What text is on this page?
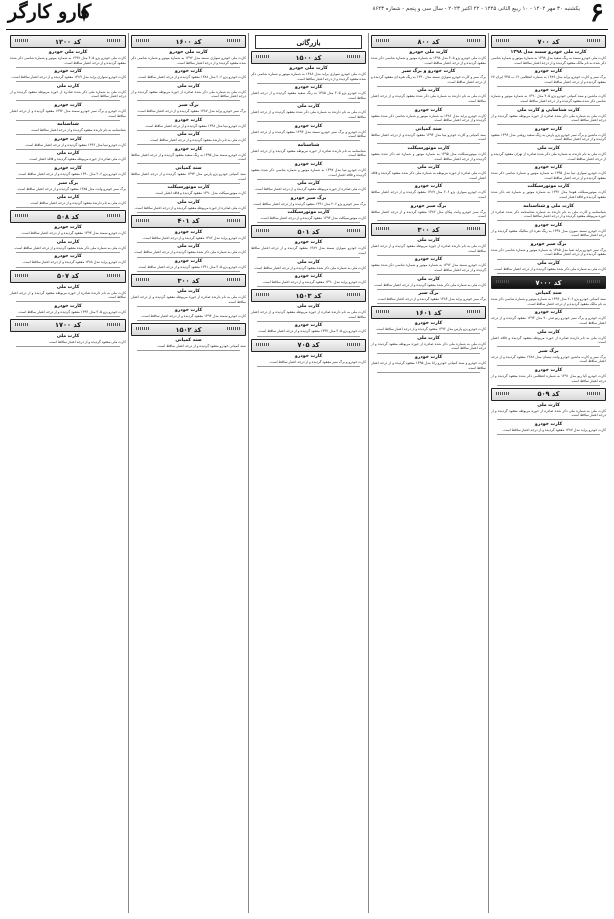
۶
یکشنبه ۳۰ مهر ۱۴۰۲ - ۱۰ ربیع الثانی ۱۴۴۵ - ۲۲ اکتبر ۲۰۲۳ - سال سی و پنجم - شماره ۸۶۴۳
کارو کارگر
کد ۷۰۰

کارت ملی خودرو سمند مدل ۱۳۹۸

کارت ملی خودرو سمند به رنگ سفید مدل ۱۳۹۸ به شماره موتور و شماره شاسی ذکر شده به نام مالک مفقود گردیده و از درجه اعتبار ساقط است.

کارت خودرو

برگ سبز و کارت خودرو پراید مدل ۱۳۸۹ به شماره انتظامی ۱۲ ب ۳۴۵ ایران ۶۷ مفقود گردیده و از درجه اعتبار ساقط است.

کارت خودرو

کارت ماشین و سند کمپانی خودرو پژو ۴۰۵ مدل ۱۳۹۰ به شماره موتور و شماره شاسی ذکر شده مفقود گردیده و از درجه اعتبار ساقط است.

کارت شناسایی و کارت ملی

کارت ملی به شماره ملی ذکر شده صادره از حوزه مربوطه مفقود گردیده و از درجه اعتبار ساقط است.

کارت خودرو

کارت ماشین و برگ سبز خودرو پژو پارس به رنگ سفید روغنی مدل ۱۳۹۶ مفقود گردیده و از درجه اعتبار ساقط است.

کارت ملی

کارت ملی به نام دارنده به شماره ملی ذکر شده صادره از تهران مفقود گردیده و از درجه اعتبار ساقط است.

کارت خودرو

کارت خودرو سواری تیبا مدل ۱۳۹۵ به شماره موتور و شماره شاسی ذکر شده مفقود گردیده و از درجه اعتبار ساقط است.

کارت موتورسیکلت

کارت موتورسیکلت هوندا مدل ۱۳۹۲ به شماره موتور و شماره تنه ذکر شده مفقود گردیده و فاقد اعتبار است.

کارت ملی و شناسنامه

شناسنامه و کارت ملی به نام دارنده به شماره شناسنامه ذکر شده صادره از حوزه مربوطه مفقود گردیده و از درجه اعتبار ساقط است.

کارت خودرو

کارت خودرو سمند سورن مدل ۱۳۹۷ به رنگ نقره ای متالیک مفقود گردیده و از درجه اعتبار ساقط است.

برگ سبز خودرو

برگ سبز خودرو پراید صبا مدل ۱۳۸۵ به شماره موتور و شماره شاسی ذکر شده مفقود گردیده و از درجه اعتبار ساقط است.

کارت ملی

کارت ملی به شماره ملی ذکر شده مفقود گردیده و از درجه اعتبار ساقط است.

کد ۷۰۰۰

سند کمپانی

سند کمپانی خودرو پژو ۲۰۶ مدل ۱۳۹۴ به شماره موتور و شماره شاسی ذکر شده به نام مالک مفقود گردیده و از درجه اعتبار ساقط است.

کارت خودرو

کارت خودرو و برگ سبز خودرو رنو تندر ۹۰ مدل ۱۳۹۳ مفقود گردیده و از درجه اعتبار ساقط است.

کارت ملی

کارت ملی به نام دارنده صادره از حوزه مربوطه مفقود گردیده و فاقد اعتبار است.

برگ سبز

برگ سبز و کارت ماشین خودرو وانت نیسان مدل ۱۳۸۸ مفقود گردیده و از درجه اعتبار ساقط است.

کارت خودرو

کارت خودرو کیا ریو مدل ۱۳۹۱ به شماره انتظامی ذکر شده مفقود گردیده و از درجه اعتبار ساقط است.

کد ۵۰۹

کارت ملی

کارت ملی به شماره ملی ذکر شده صادره از حوزه مربوطه مفقود گردیده و از درجه اعتبار ساقط است.

کارت خودرو

کارت خودرو پراید مدل ۱۳۸۷ مفقود گردیده و از درجه اعتبار ساقط است.

کد ۸۰۰

کارت ملی خودرو

کارت ملی خودرو پژو ۴۰۵ مدل ۱۳۹۸ به شماره موتور و شماره شاسی ذکر شده مفقود گردیده و از درجه اعتبار ساقط است.

کارت خودرو و برگ سبز

برگ سبز و کارت خودرو سواری سمند مدل ۱۳۹۰ به رنگ نقره ای مفقود گردیده و از درجه اعتبار ساقط است.

کارت ملی

کارت ملی به نام دارنده به شماره ملی ذکر شده مفقود گردیده و از درجه اعتبار ساقط است.

کارت خودرو

کارت خودرو پراید مدل ۱۳۸۶ به شماره موتور و شماره شاسی ذکر شده مفقود گردیده و از درجه اعتبار ساقط است.

سند کمپانی

سند کمپانی و کارت خودرو تیبا مدل ۱۳۹۴ مفقود گردیده و از درجه اعتبار ساقط است.

کارت موتورسیکلت

کارت موتورسیکلت مدل ۱۳۹۵ به شماره موتور و شماره تنه ذکر شده مفقود گردیده و از درجه اعتبار ساقط است.

کارت ملی

کارت ملی صادره از حوزه مربوطه به شماره ملی ذکر شده مفقود گردیده و فاقد اعتبار است.

کارت خودرو

کارت خودرو سواری پژو ۲۰۶ مدل ۱۳۸۹ مفقود گردیده و از درجه اعتبار ساقط است.

برگ سبز خودرو

برگ سبز خودرو وانت پیکان مدل ۱۳۸۲ مفقود گردیده و از درجه اعتبار ساقط است.

کد ۳۰۰

کارت ملی

کارت ملی به نام دارنده صادره از حوزه مربوطه مفقود گردیده و از درجه اعتبار ساقط است.

کارت خودرو

کارت خودرو سمند مدل ۱۳۹۶ به شماره موتور و شماره شاسی ذکر شده مفقود گردیده و از درجه اعتبار ساقط است.

کارت ملی

کارت ملی به شماره ملی ذکر شده مفقود گردیده و از درجه اعتبار ساقط است.

برگ سبز

برگ سبز خودرو پراید مدل ۱۳۸۴ مفقود گردیده و از درجه اعتبار ساقط است.

کد ۱۶۰۱

کارت خودرو

کارت خودرو پژو پارس مدل ۱۳۹۲ مفقود گردیده و از درجه اعتبار ساقط است.

کارت ملی

کارت ملی به شماره ملی ذکر شده صادره از حوزه مربوطه مفقود گردیده و از درجه اعتبار ساقط است.

کارت خودرو

کارت خودرو و سند کمپانی خودرو رانا مدل ۱۳۹۵ مفقود گردیده و از درجه اعتبار ساقط است.

بازرگانی
کد ۱۵۰۰

کارت ملی خودرو

کارت ملی خودرو سواری پراید مدل ۱۳۸۸ به شماره موتور و شماره شاسی ذکر شده مفقود گردیده و از درجه اعتبار ساقط است.

کارت خودرو

کارت خودرو پژو ۴۰۵ مدل ۱۳۸۵ به رنگ سفید مفقود گردیده و از درجه اعتبار ساقط است.

کارت ملی

کارت ملی به نام دارنده به شماره ملی ذکر شده مفقود گردیده و از درجه اعتبار ساقط است.

کارت خودرو

کارت خودرو و برگ سبز خودرو سمند مدل ۱۳۹۳ مفقود گردیده و از درجه اعتبار ساقط است.

شناسنامه

شناسنامه به نام دارنده صادره از حوزه مربوطه مفقود گردیده و از درجه اعتبار ساقط است.

کارت خودرو

کارت خودرو تیبا مدل ۱۳۹۷ به شماره موتور و شماره شاسی ذکر شده مفقود گردیده و فاقد اعتبار است.

کارت ملی

کارت ملی صادره از حوزه مربوطه مفقود گردیده و از درجه اعتبار ساقط است.

برگ سبز خودرو

برگ سبز خودرو پژو ۲۰۶ مدل ۱۳۹۱ مفقود گردیده و از درجه اعتبار ساقط است.

کارت موتورسیکلت

کارت موتورسیکلت مدل ۱۳۹۴ مفقود گردیده و از درجه اعتبار ساقط است.

کد ۵۰۱

کارت خودرو

کارت خودرو سواری سمند مدل ۱۳۸۹ مفقود گردیده و از درجه اعتبار ساقط است.

کارت ملی

کارت ملی به شماره ملی ذکر شده مفقود گردیده و از درجه اعتبار ساقط است.

کارت خودرو

کارت خودرو پراید مدل ۱۳۹۰ مفقود گردیده و از درجه اعتبار ساقط است.

کد ۱۵۰۳

کارت ملی

کارت ملی به نام دارنده صادره از حوزه مربوطه مفقود گردیده و از درجه اعتبار ساقط است.

کارت خودرو

کارت خودرو پژو ۴۰۵ مدل ۱۳۹۲ مفقود گردیده و از درجه اعتبار ساقط است.

کد ۷۰۵

کارت خودرو

کارت خودرو و برگ سبز مفقود گردیده و از درجه اعتبار ساقط است.

کد ۱۶۰۰

کارت ملی خودرو

کارت ملی خودرو سواری سمند مدل ۱۳۹۶ به شماره موتور و شماره شاسی ذکر شده مفقود گردیده و از درجه اعتبار ساقط است.

کارت خودرو

کارت خودرو پژو ۲۰۶ مدل ۱۳۸۸ مفقود گردیده و از درجه اعتبار ساقط است.

کارت ملی

کارت ملی به شماره ملی ذکر شده صادره از حوزه مربوطه مفقود گردیده و از درجه اعتبار ساقط است.

برگ سبز

برگ سبز خودرو پراید مدل ۱۳۸۷ مفقود گردیده و از درجه اعتبار ساقط است.

کارت خودرو

کارت خودرو تیبا مدل ۱۳۹۸ مفقود گردیده و از درجه اعتبار ساقط است.

کارت ملی

کارت ملی به نام دارنده مفقود گردیده و از درجه اعتبار ساقط است.

کارت خودرو

کارت خودرو سمند مدل ۱۳۹۵ به رنگ سفید مفقود گردیده و از درجه اعتبار ساقط است.

سند کمپانی

سند کمپانی خودرو پژو پارس مدل ۱۳۹۳ مفقود گردیده و از درجه اعتبار ساقط است.

کارت موتورسیکلت

کارت موتورسیکلت مدل ۱۳۹۰ مفقود گردیده و فاقد اعتبار است.

کارت ملی

کارت ملی صادره از حوزه مربوطه مفقود گردیده و از درجه اعتبار ساقط است.

کد ۴۰۱

کارت خودرو

کارت خودرو پراید مدل ۱۳۸۶ مفقود گردیده و از درجه اعتبار ساقط است.

کارت ملی

کارت ملی به شماره ملی ذکر شده مفقود گردیده و از درجه اعتبار ساقط است.

کارت خودرو

کارت خودرو پژو ۴۰۵ مدل ۱۳۹۱ مفقود گردیده و از درجه اعتبار ساقط است.

کد ۳۰۰

کارت ملی

کارت ملی به نام دارنده صادره از حوزه مربوطه مفقود گردیده و از درجه اعتبار ساقط است.

کارت خودرو

کارت خودرو سمند مدل ۱۳۹۴ مفقود گردیده و از درجه اعتبار ساقط است.

کد ۱۵۰۲

سند کمپانی

سند کمپانی خودرو مفقود گردیده و از درجه اعتبار ساقط است.

کد ۱۲۰۰

کارت ملی خودرو

کارت ملی خودرو پژو ۴۰۵ مدل ۱۳۹۷ به شماره موتور و شماره شاسی ذکر شده مفقود گردیده و از درجه اعتبار ساقط است.

کارت خودرو

کارت خودرو سواری پراید مدل ۱۳۸۹ مفقود گردیده و از درجه اعتبار ساقط است.

کارت ملی

کارت ملی به شماره ملی ذکر شده صادره از حوزه مربوطه مفقود گردیده و از درجه اعتبار ساقط است.

کارت خودرو

کارت خودرو و برگ سبز خودرو سمند مدل ۱۳۹۲ مفقود گردیده و از درجه اعتبار ساقط است.

شناسنامه

شناسنامه به نام دارنده مفقود گردیده و از درجه اعتبار ساقط است.

کارت خودرو

کارت خودرو تیبا مدل ۱۳۹۶ مفقود گردیده و از درجه اعتبار ساقط است.

کارت ملی

کارت ملی صادره از حوزه مربوطه مفقود گردیده و فاقد اعتبار است.

کارت خودرو

کارت خودرو پژو ۲۰۶ مدل ۱۳۹۰ مفقود گردیده و از درجه اعتبار ساقط است.

برگ سبز

برگ سبز خودرو وانت مدل ۱۳۸۵ مفقود گردیده و از درجه اعتبار ساقط است.

کارت ملی

کارت ملی به نام دارنده مفقود گردیده و از درجه اعتبار ساقط است.

کد ۵۰۸

کارت خودرو

کارت خودرو سمند مدل ۱۳۹۳ مفقود گردیده و از درجه اعتبار ساقط است.

کارت ملی

کارت ملی به شماره ملی ذکر شده مفقود گردیده و از درجه اعتبار ساقط است.

کارت خودرو

کارت خودرو پراید مدل ۱۳۸۸ مفقود گردیده و از درجه اعتبار ساقط است.

کد ۵۰۷

کارت ملی

کارت ملی به نام دارنده صادره از حوزه مربوطه مفقود گردیده و از درجه اعتبار ساقط است.

کارت خودرو

کارت خودرو پژو ۴۰۵ مدل ۱۳۹۴ مفقود گردیده و از درجه اعتبار ساقط است.

کد ۱۷۰۰

کارت ملی

کارت ملی مفقود گردیده و از درجه اعتبار ساقط است.
